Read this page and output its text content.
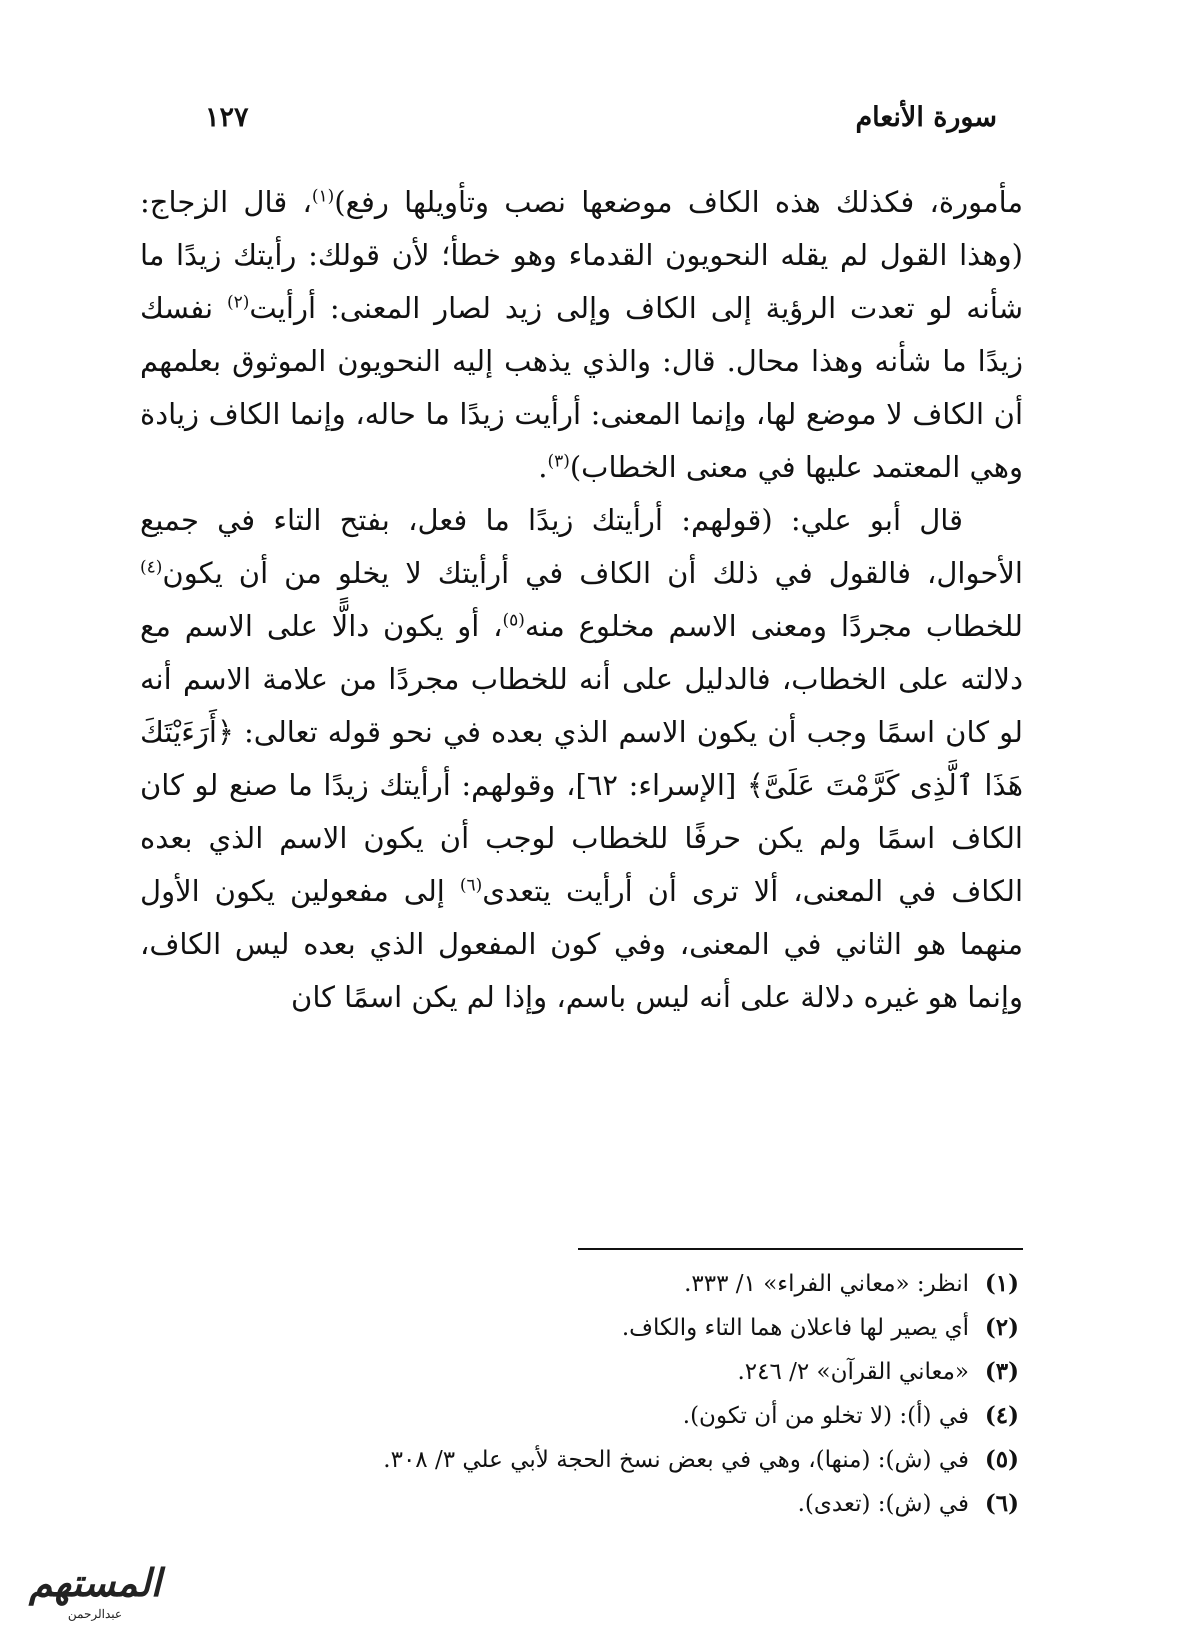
سورة الأنعام
١٢٧

مأمورة، فكذلك هذه الكاف موضعها نصب وتأويلها رفع)$^{(١)}$، قال الزجاج: (وهذا القول لم يقله النحويون القدماء وهو خطأ؛ لأن قولك: رأيتك زيدًا ما شأنه لو تعدت الرؤية إلى الكاف وإلى زيد لصار المعنى: أرأيت$^{(٢)}$ نفسك زيدًا ما شأنه وهذا محال. قال: والذي يذهب إليه النحويون الموثوق بعلمهم أن الكاف لا موضع لها، وإنما المعنى: أرأيت زيدًا ما حاله، وإنما الكاف زيادة وهي المعتمد عليها في معنى الخطاب)$^{(٣)}$.

قال أبو علي: (قولهم: أرأيتك زيدًا ما فعل، بفتح التاء في جميع الأحوال، فالقول في ذلك أن الكاف في أرأيتك لا يخلو من أن يكون$^{(٤)}$ للخطاب مجردًا ومعنى الاسم مخلوع منه$^{(٥)}$، أو يكون دالًّا على الاسم مع دلالته على الخطاب، فالدليل على أنه للخطاب مجردًا من علامة الاسم أنه لو كان اسمًا وجب أن يكون الاسم الذي بعده في نحو قوله تعالى: ﴿أَرَءَيْتَكَ هَذَا ٱلَّذِى كَرَّمْتَ عَلَىَّ﴾ [الإسراء: ٦٢]، وقولهم: أرأيتك زيدًا ما صنع لو كان الكاف اسمًا ولم يكن حرفًا للخطاب لوجب أن يكون الاسم الذي بعده الكاف في المعنى، ألا ترى أن أرأيت يتعدى$^{(٦)}$ إلى مفعولين يكون الأول منهما هو الثاني في المعنى، وفي كون المفعول الذي بعده ليس الكاف، وإنما هو غيره دلالة على أنه ليس باسم، وإذا لم يكن اسمًا كان

(١)
انظر: «معاني الفراء» ١/ ٣٣٣.
(٢)
أي يصير لها فاعلان هما التاء والكاف.
(٣)
«معاني القرآن» ٢/ ٢٤٦.
(٤)
في (أ): (لا تخلو من أن تكون).
(٥)
في (ش): (منها)، وهي في بعض نسخ الحجة لأبي علي ٣/ ٣٠٨.
(٦)
في (ش): (تعدى).
المستهم
عبدالرحمن
